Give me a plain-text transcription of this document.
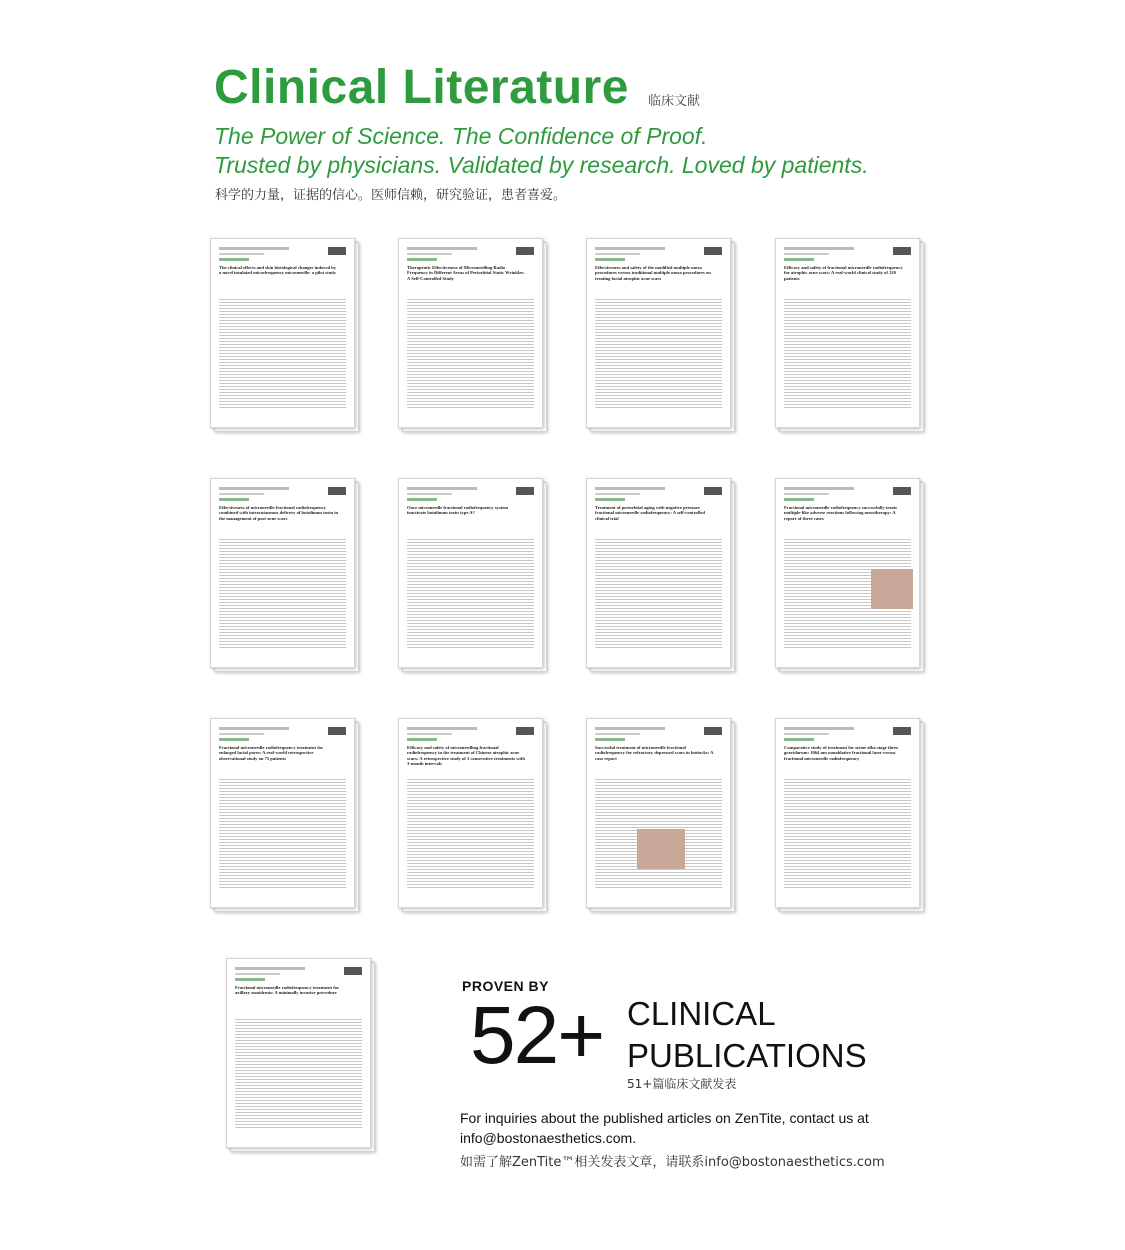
Clinical Literature 临床文献
The Power of Science. The Confidence of Proof.
Trusted by physicians. Validated by research. Loved by patients.
科学的力量，证据的信心。医师信赖，研究验证，患者喜爱。
The clinical effects and skin histological changes induced by a novel insulated microfrequency microneedle: a pilot study
Therapeutic Effectiveness of Microneedling Radio Frequency in Different Areas of Periorbital Static Wrinkles: A Self-Controlled Study
Effectiveness and safety of the modified multiple moxa procedures versus traditional multiple moxa procedures on treating facial atrophic acne scars
Efficacy and safety of fractional microneedle radiofrequency for atrophic acne scars: A real-world clinical study of 120 patients
Effectiveness of microneedle fractional radiofrequency combined with intracutaneous delivery of botulinum toxin in the management of post-acne scars
Once microneedle fractional radiofrequency system inactivate botulinum toxin type A?
Treatment of periorbital aging with negative pressure fractional microneedle radiofrequency: A self-controlled clinical trial
Fractional microneedle radiofrequency successfully treats multiple-like adverse reactions following mesotherapy: A report of three cases
Fractional microneedle radiofrequency treatment for enlarged facial pores: A real-world retrospective observational study on 75 patients
Efficacy and safety of microneedling fractional radiofrequency in the treatment of Chinese atrophic acne scars: A retrospective study of 3 consecutive treatments with 3-month intervals
Successful treatment of microneedle fractional radiofrequency for refractory depressed scars in buttocks: A case report
Comparative study of treatment for striae alba stage three gravidarum: 1064 nm nonablative fractional laser versus fractional microneedle radiofrequency
Fractional microneedle radiofrequency treatment for axillary osmidrosis: A minimally invasive procedure	PROVEN BY
52+ CLINICAL
PUBLICATIONS
51+篇临床文献发表
For inquiries about the published articles on ZenTite, contact us at
info@bostonaesthetics.com.
如需了解ZenTite™相关发表文章，请联系info@bostonaesthetics.com
